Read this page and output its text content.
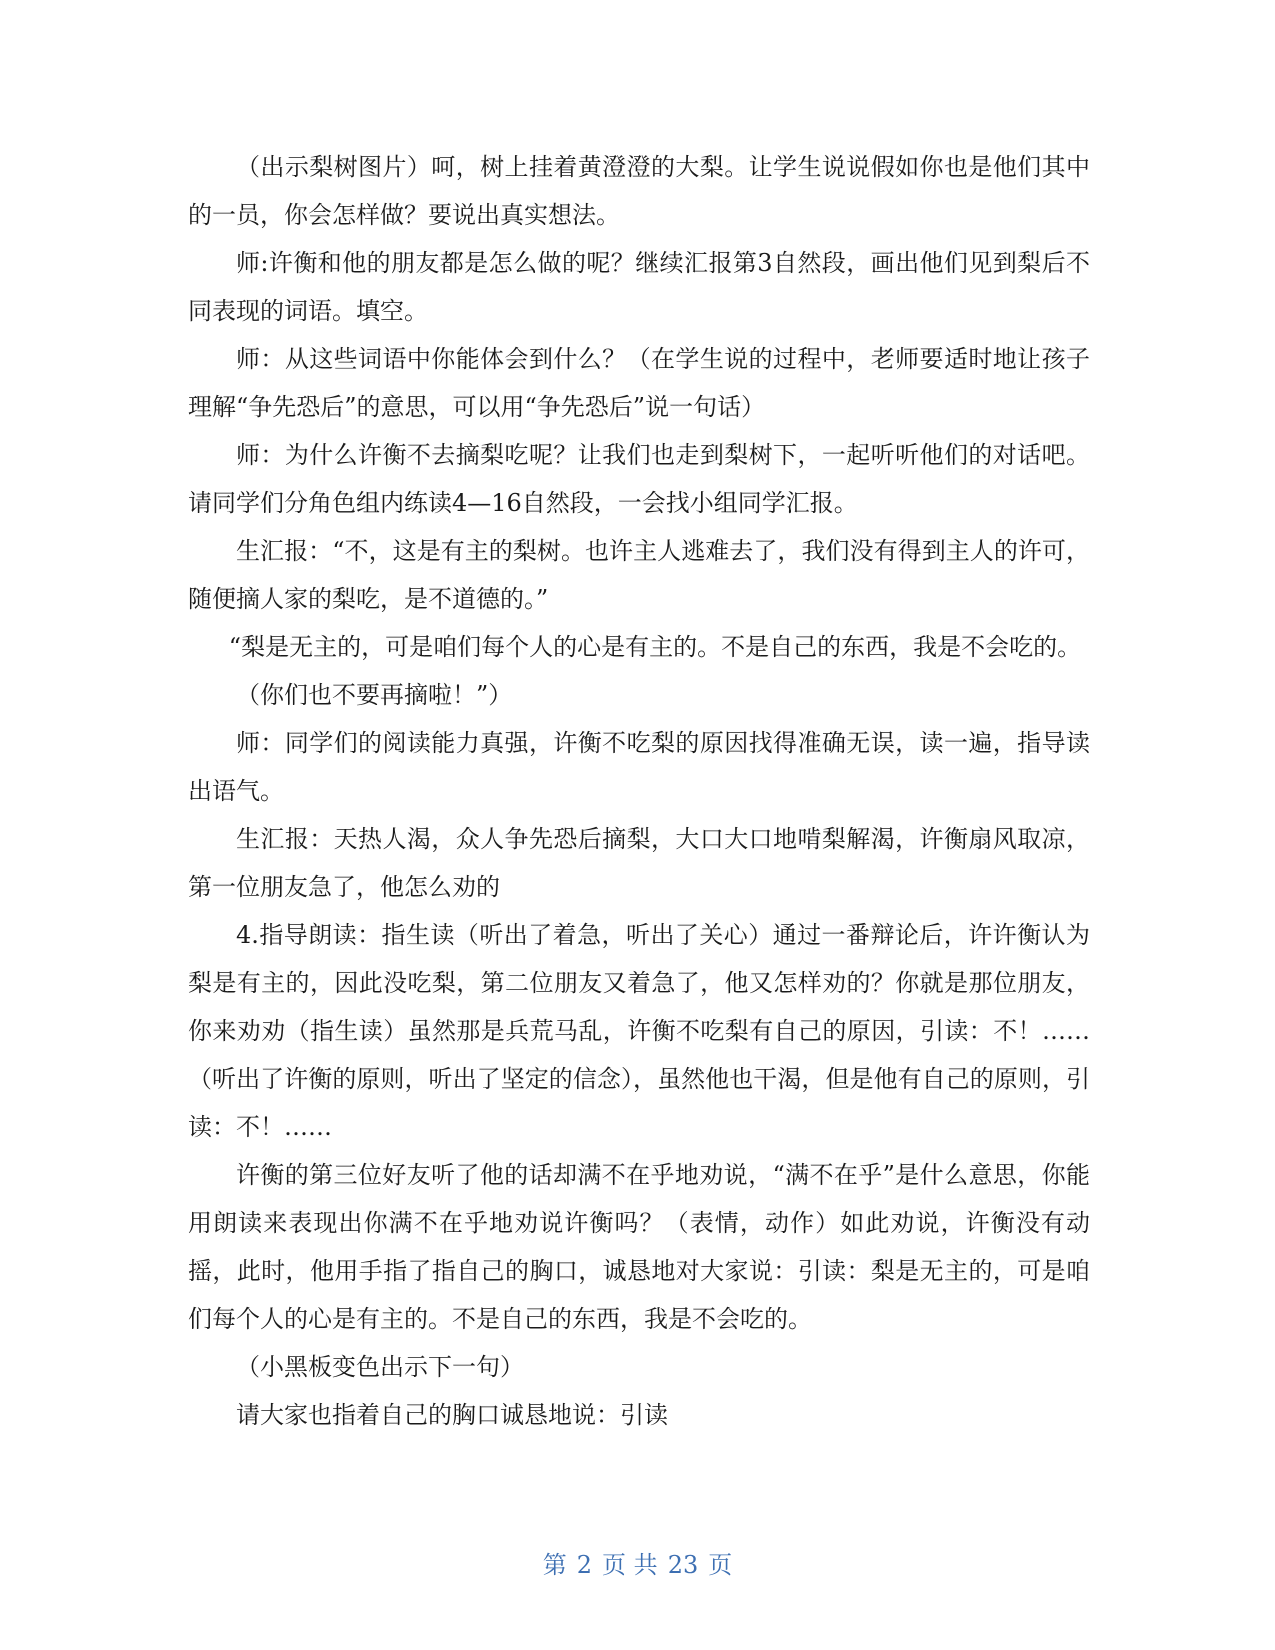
（出示梨树图片）呵，树上挂着黄澄澄的大梨。让学生说说假如你也是他们其中的一员，你会怎样做？要说出真实想法。

师:许衡和他的朋友都是怎么做的呢？继续汇报第3自然段，画出他们见到梨后不同表现的词语。填空。

师：从这些词语中你能体会到什么？（在学生说的过程中，老师要适时地让孩子理解“争先恐后”的意思，可以用“争先恐后”说一句话）

师：为什么许衡不去摘梨吃呢？让我们也走到梨树下，一起听听他们的对话吧。请同学们分角色组内练读4—16自然段，一会找小组同学汇报。

生汇报：“不，这是有主的梨树。也许主人逃难去了，我们没有得到主人的许可，随便摘人家的梨吃，是不道德的。”

“梨是无主的，可是咱们每个人的心是有主的。不是自己的东西，我是不会吃的。

（你们也不要再摘啦！”）

师：同学们的阅读能力真强，许衡不吃梨的原因找得准确无误，读一遍，指导读出语气。

生汇报：天热人渴，众人争先恐后摘梨，大口大口地啃梨解渴，许衡扇风取凉，第一位朋友急了，他怎么劝的

4.指导朗读：指生读（听出了着急，听出了关心）通过一番辩论后，许许衡认为梨是有主的，因此没吃梨，第二位朋友又着急了，他又怎样劝的？你就是那位朋友，你来劝劝（指生读）虽然那是兵荒马乱，许衡不吃梨有自己的原因，引读：不！……（听出了许衡的原则，听出了坚定的信念），虽然他也干渴，但是他有自己的原则，引读：不！……

许衡的第三位好友听了他的话却满不在乎地劝说，“满不在乎”是什么意思，你能用朗读来表现出你满不在乎地劝说许衡吗？（表情，动作）如此劝说，许衡没有动摇，此时，他用手指了指自己的胸口，诚恳地对大家说：引读：梨是无主的，可是咱们每个人的心是有主的。不是自己的东西，我是不会吃的。

（小黑板变色出示下一句）

请大家也指着自己的胸口诚恳地说：引读

第 2 页 共 23 页
